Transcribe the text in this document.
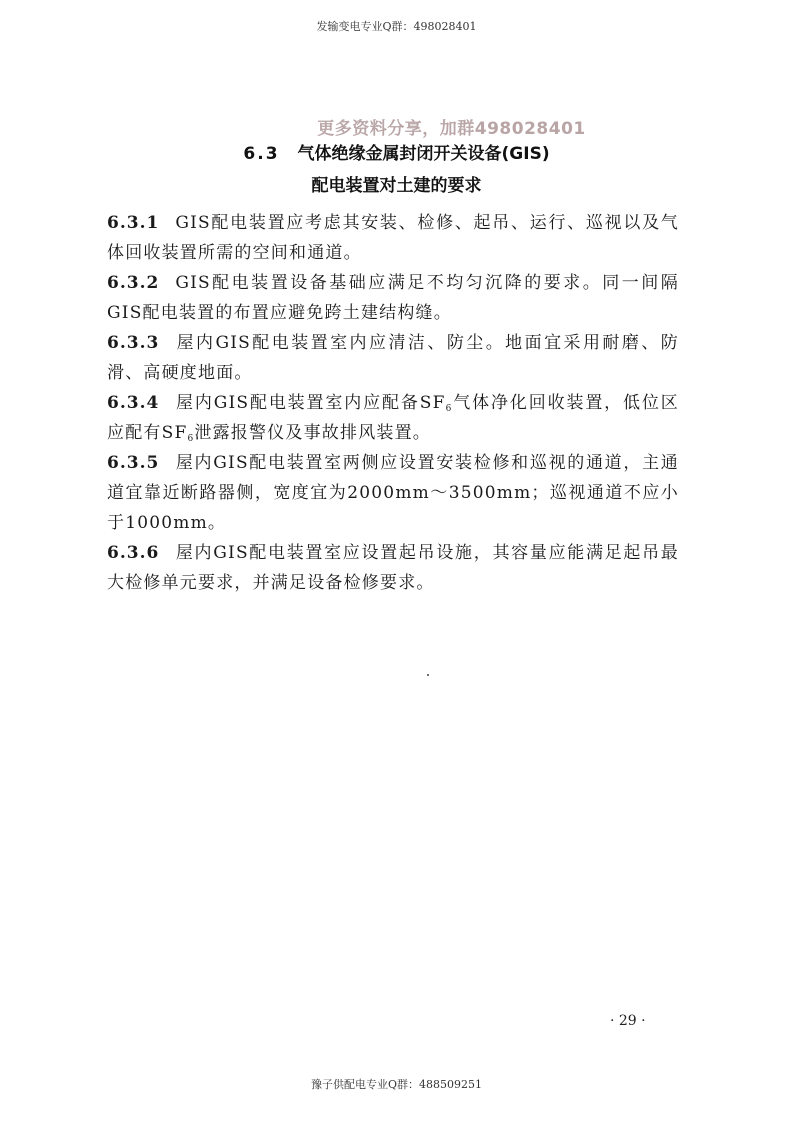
发输变电专业Q群：498028401
更多资料分享，加群498028401
6.3 气体绝缘金属封闭开关设备(GIS)
配电装置对土建的要求
6.3.1 GIS配电装置应考虑其安装、检修、起吊、运行、巡视以及气体回收装置所需的空间和通道。
6.3.2 GIS配电装置设备基础应满足不均匀沉降的要求。同一间隔GIS配电装置的布置应避免跨土建结构缝。
6.3.3 屋内GIS配电装置室内应清洁、防尘。地面宜采用耐磨、防滑、高硬度地面。
6.3.4 屋内GIS配电装置室内应配备$SF_6$气体净化回收装置，低位区应配有$SF_6$泄露报警仪及事故排风装置。
6.3.5 屋内GIS配电装置室两侧应设置安装检修和巡视的通道，主通道宜靠近断路器侧，宽度宜为2000mm～3500mm；巡视通道不应小于1000mm。
6.3.6 屋内GIS配电装置室应设置起吊设施，其容量应能满足起吊最大检修单元要求，并满足设备检修要求。
· 29 ·
豫子供配电专业Q群：488509251
